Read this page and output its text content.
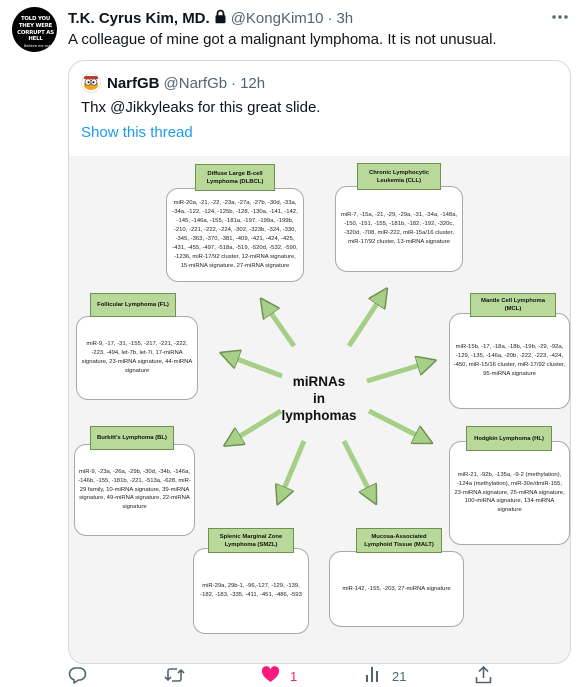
TOLD YOU THEY WERE CORRUPT AS HELL
Believe me ma...
T.K. Cyrus Kim, MD. @KongKim10 · 3h
A colleague of mine got a malignant lymphoma. It is not unusual.
NarfGB @NarfGb · 12h
Thx @Jikkyleaks for this great slide.
Show this thread
miRNAs
in
lymphomas
miR-20a, -21, -22, -23a, -27a, -27b, -30d, -33a, -34a, -122, -124, -125b, -128, -130a, -141, -142, -145, -146a, -155, -181a, -197, -199a, -199b, -210, -221, -222, -224, -302, -323b, -324, -330, -345, -363, -370, -381, -409, -421, -424, -425, -431, -455, -497, -518a, -519, -520d, -532, -590, -1236, miR-17/92 cluster, 12-miRNA signature, 15-miRNA signature, 27-miRNA signature
Diffuse Large B-cell Lymphoma (DLBCL)
miR-7, -15a, -21, -29, -29a, -31, -34a, -148a, -150, -151, -155, -181b, -182, -192, -320c, -320d, -708, miR-222, miR-15a/16 cluster, miR-17/92 cluster, 13-miRNA signature
Chronic Lymphocytic Leukemia (CLL)
miR-9, -17, -31, -155, -217, -221, -222, -223, -494, let-7b, let-7i, 17-miRNA signature, 23-miRNA signature, 44-miRNA signature
Follicular Lymphoma (FL)
miR-15b, -17, -18a, -18b, -19b, -29, -92a, -129, -135, -146a, -20b, -222, -223, -424, -450, miR-15/16 cluster, miR-17/92 cluster, 95-miRNA signature
Mantle Cell Lymphoma (MCL)
miR-9, -23a, -26a, -29b, -30d, -34b, -146a, -146b, -155, -181b, -221, -513a, -628, miR-29 family, 10-miRNA signature, 39-miRNA signature, 49-miRNA signature, 22-miRNA signature
Burkitt's Lymphoma (BL)
miR-21, -92b, -135a, -9-2 (methylation), -124a (methylation), miR-30e/dmiR-155, 23-miRNA signature, 25-miRNA signature, 100-miRNA signature, 134-miRNA signature
Hodgkin Lymphoma (HL)
miR-29a, 29b-1, -96,-127, -129, -139, -182, -183, -335, -411, -451, -486, -593
Splenic Marginal Zone Lymphoma (SMZL)
miR-142, -155, -203, 27-miRNA signature
Mucosa-Associated Lymphoid Tissue (MALT)
1	21
